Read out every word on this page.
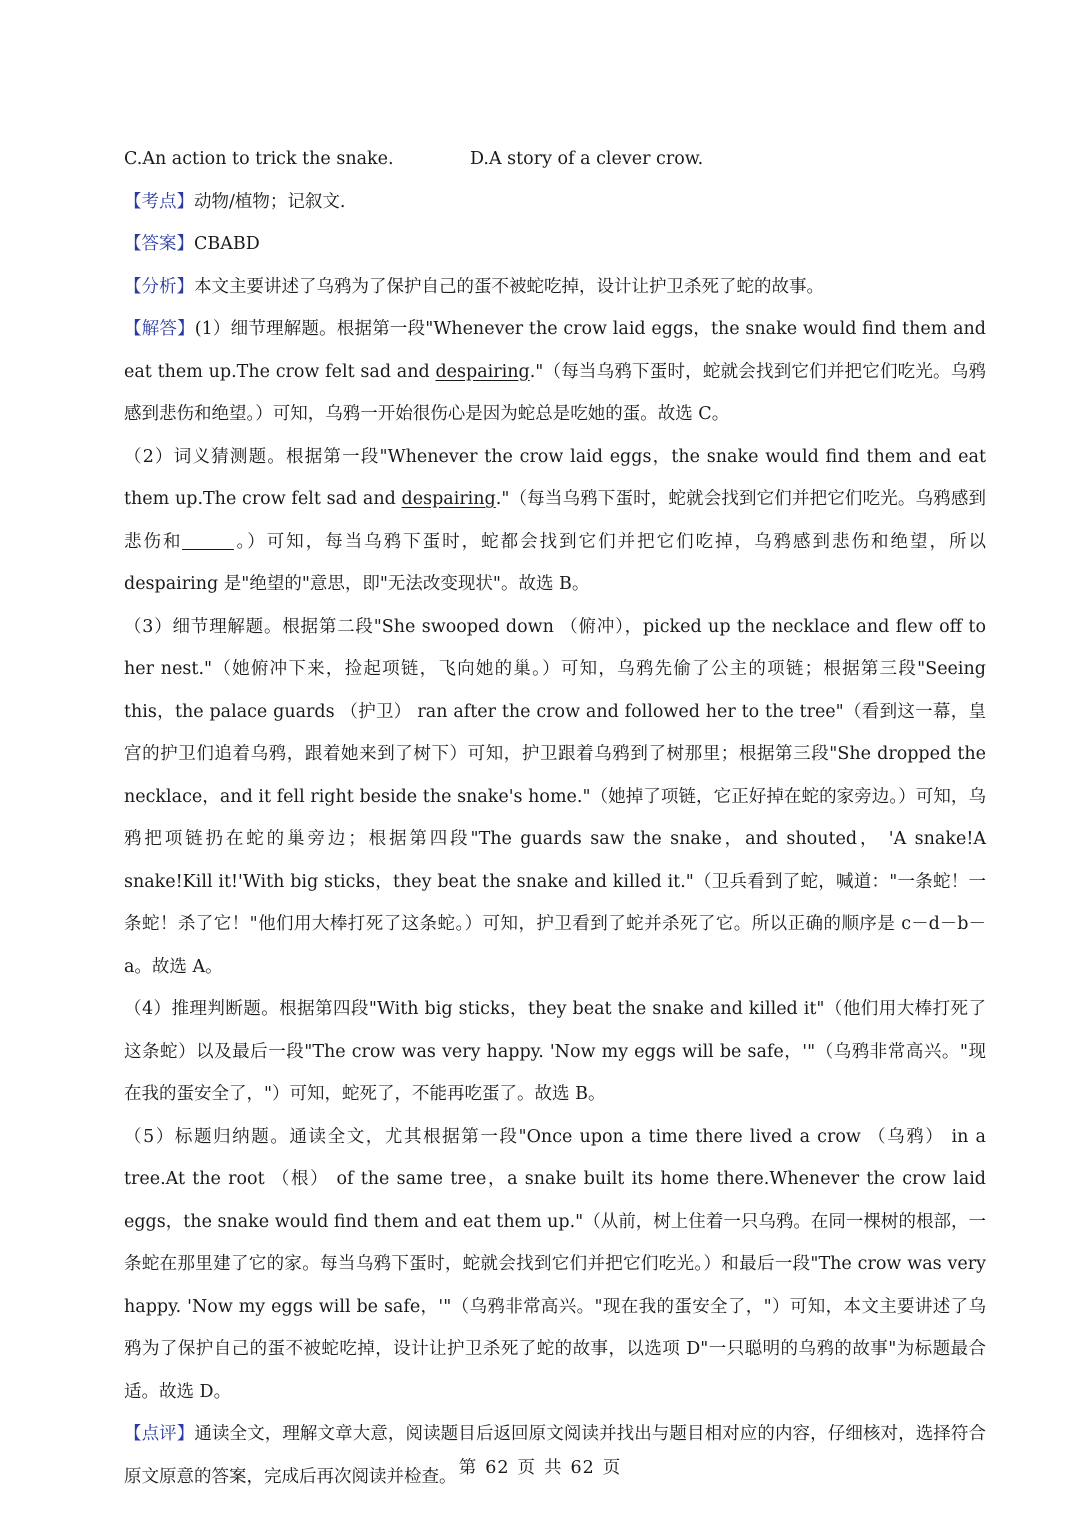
C.An action to trick the snake.	D.A story of a clever crow.

【考点】动物/植物；记叙文.

【答案】CBABD

【分析】本文主要讲述了乌鸦为了保护自己的蛋不被蛇吃掉，设计让护卫杀死了蛇的故事。

【解答】(1）细节理解题。根据第一段"Whenever the crow laid eggs，the snake would find them and eat them up.The crow felt sad and despairing."（每当乌鸦下蛋时，蛇就会找到它们并把它们吃光。乌鸦感到悲伤和绝望。）可知，乌鸦一开始很伤心是因为蛇总是吃她的蛋。故选 C。

（2）词义猜测题。根据第一段"Whenever the crow laid eggs，the snake would find them and eat them up.The crow felt sad and despairing."（每当乌鸦下蛋时，蛇就会找到它们并把它们吃光。乌鸦感到悲伤和	。）可知，每当乌鸦下蛋时，蛇都会找到它们并把它们吃掉，乌鸦感到悲伤和绝望，所以 despairing 是"绝望的"意思，即"无法改变现状"。故选 B。

（3）细节理解题。根据第二段"She swooped down （俯冲），picked up the necklace and flew off to her nest."（她俯冲下来，捡起项链，飞向她的巢。）可知，乌鸦先偷了公主的项链；根据第三段"Seeing this，the palace guards （护卫） ran after the crow and followed her to the tree"（看到这一幕，皇宫的护卫们追着乌鸦，跟着她来到了树下）可知，护卫跟着乌鸦到了树那里；根据第三段"She dropped the necklace，and it fell right beside the snake's home."（她掉了项链，它正好掉在蛇的家旁边。）可知，乌鸦把项链扔在蛇的巢旁边；根据第四段"The guards saw the snake，and shouted， 'A snake!A snake!Kill it!'With big sticks，they beat the snake and killed it."（卫兵看到了蛇，喊道："一条蛇！一条蛇！杀了它！"他们用大棒打死了这条蛇。）可知，护卫看到了蛇并杀死了它。所以正确的顺序是 c－d－b－a。故选 A。

（4）推理判断题。根据第四段"With big sticks，they beat the snake and killed it"（他们用大棒打死了这条蛇）以及最后一段"The crow was very happy. 'Now my eggs will be safe，'"（乌鸦非常高兴。"现在我的蛋安全了，"）可知，蛇死了，不能再吃蛋了。故选 B。

（5）标题归纳题。通读全文，尤其根据第一段"Once upon a time there lived a crow （乌鸦） in a tree.At the root （根） of the same tree，a snake built its home there.Whenever the crow laid eggs，the snake would find them and eat them up."（从前，树上住着一只乌鸦。在同一棵树的根部，一条蛇在那里建了它的家。每当乌鸦下蛋时，蛇就会找到它们并把它们吃光。）和最后一段"The crow was very happy. 'Now my eggs will be safe，'"（乌鸦非常高兴。"现在我的蛋安全了，"）可知，本文主要讲述了乌鸦为了保护自己的蛋不被蛇吃掉，设计让护卫杀死了蛇的故事，以选项 D"一只聪明的乌鸦的故事"为标题最合适。故选 D。

【点评】通读全文，理解文章大意，阅读题目后返回原文阅读并找出与题目相对应的内容，仔细核对，选择符合原文原意的答案，完成后再次阅读并检查。 第 62 页 共 62 页
